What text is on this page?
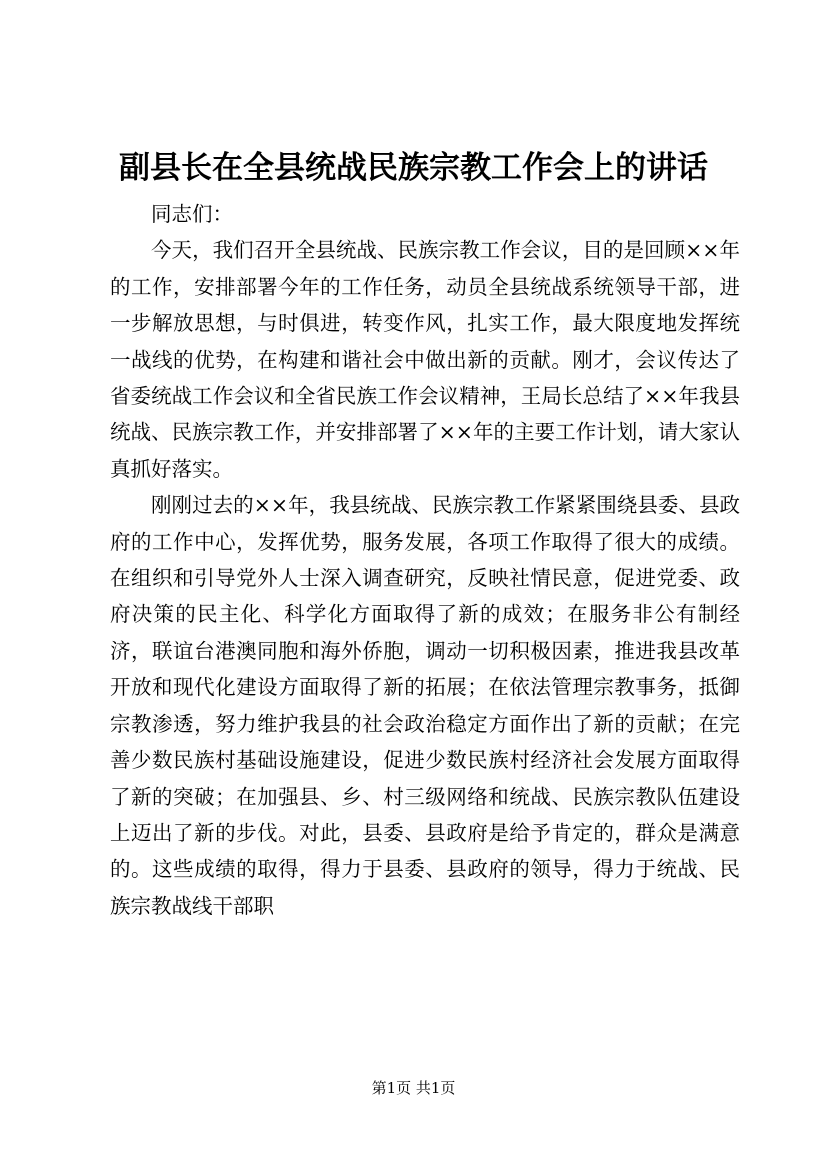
副县长在全县统战民族宗教工作会上的讲话

同志们：

今天，我们召开全县统战、民族宗教工作会议，目的是回顾××年的工作，安排部署今年的工作任务，动员全县统战系统领导干部，进一步解放思想，与时俱进，转变作风，扎实工作，最大限度地发挥统一战线的优势，在构建和谐社会中做出新的贡献。刚才，会议传达了省委统战工作会议和全省民族工作会议精神，王局长总结了××年我县统战、民族宗教工作，并安排部署了××年的主要工作计划，请大家认真抓好落实。

刚刚过去的××年，我县统战、民族宗教工作紧紧围绕县委、县政府的工作中心，发挥优势，服务发展，各项工作取得了很大的成绩。在组织和引导党外人士深入调查研究，反映社情民意，促进党委、政府决策的民主化、科学化方面取得了新的成效；在服务非公有制经济，联谊台港澳同胞和海外侨胞，调动一切积极因素，推进我县改革开放和现代化建设方面取得了新的拓展；在依法管理宗教事务，抵御宗教渗透，努力维护我县的社会政治稳定方面作出了新的贡献；在完善少数民族村基础设施建设，促进少数民族村经济社会发展方面取得了新的突破；在加强县、乡、村三级网络和统战、民族宗教队伍建设上迈出了新的步伐。对此，县委、县政府是给予肯定的，群众是满意的。这些成绩的取得，得力于县委、县政府的领导，得力于统战、民族宗教战线干部职

第1页 共1页
